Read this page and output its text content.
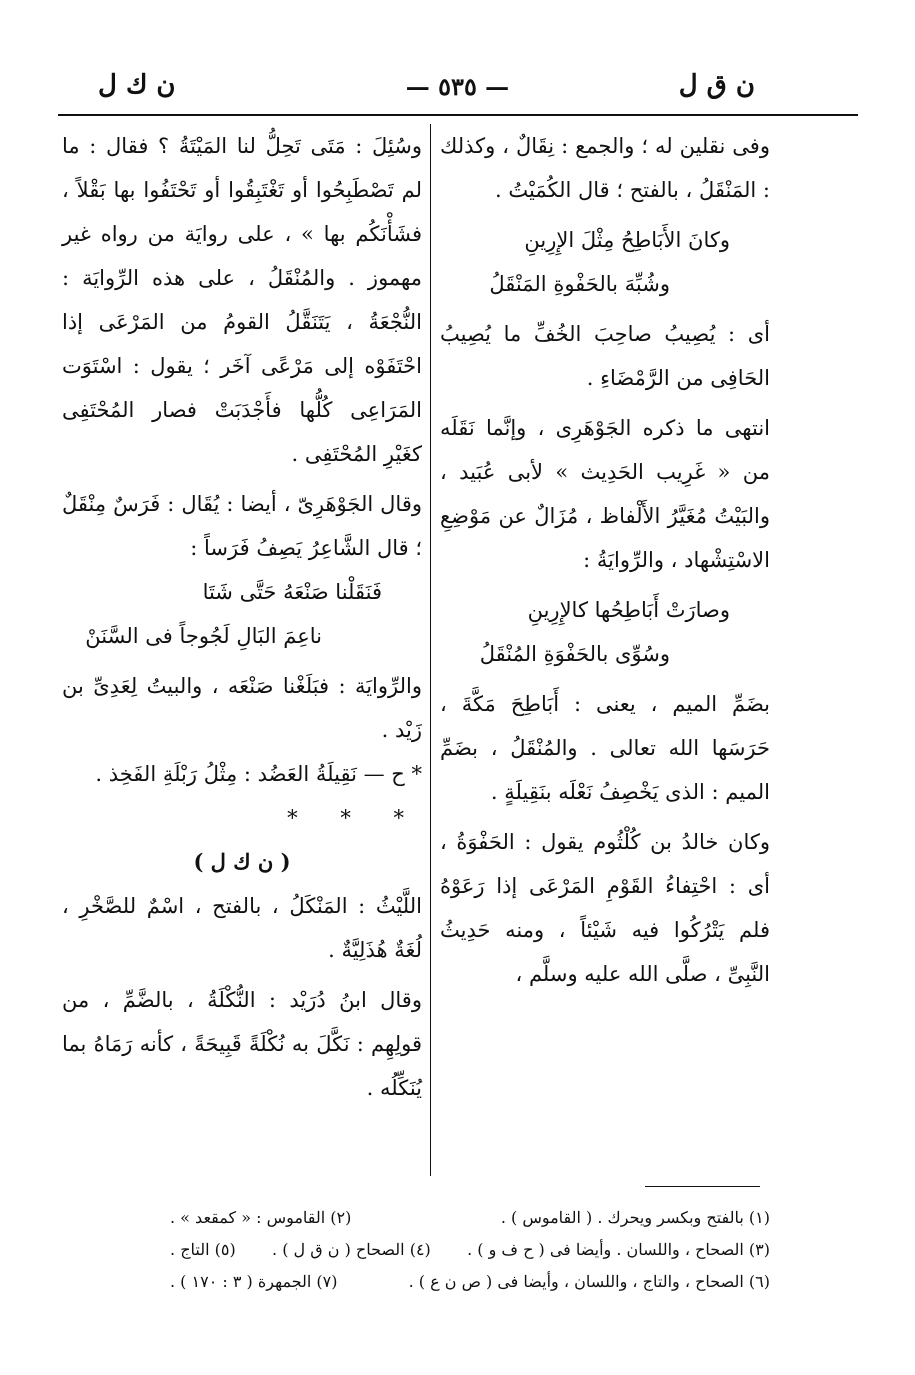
ن ق ل
— ٥٣٥ —
ن ك ل

وفى نقلين له ؛ والجمع : نِقَالٌ ، وكذلك : المَنْقَلُ ، بالفتح ؛ قال الكُمَيْتُ .

وكانَ الأَبَاطِحُ مِثْلَ الإِرِينِ

وشُبِّهَ بالحَفْوةِ المَنْقَلُ

أى : يُصِيبُ صاحِبَ الخُفِّ ما يُصِيبُ الحَافِى من الرَّمْضَاءِ .

انتهى ما ذكره الجَوْهَرِى ، وإنَّما نَقَلَه من « غَرِيب الحَدِيث » لأبى عُبَيد ، والبَيْتُ مُغَيَّرُ الأَلْفاظ ، مُزَالٌ عن مَوْضِعِ الاسْتِشْهاد ، والرِّوايَةُ :

وصارَتْ أَبَاطِحُها كالإِرِينِ

وسُوِّى بالحَفْوَةِ المُنْقَلُ

بضَمِّ الميم ، يعنى : أَبَاطِحَ مَكَّةَ ، حَرَسَها الله تعالى . والمُنْقَلُ ، بضَمِّ الميم : الذى يَخْصِفُ نَعْلَه بنَقِيلَةٍ .

وكان خالدُ بن كُلْثُوم يقول : الحَفْوَةُ ، أى : احْتِفاءُ القَوْمِ المَرْعَى إذا رَعَوْهُ فلم يَتْرُكُوا فيه شَيْئاً ، ومنه حَدِيثُ النَّبِىِّ ، صلَّى الله عليه وسلَّم ،

وسُئِلَ : مَتَى تَحِلُّ لنا المَيْتَةُ ؟ فقال : ما لم تَصْطَبِحُوا أو تَغْتَبِقُوا أو تَحْتَفُوا بها بَقْلاً ، فشَأْنَكُم بها » ، على روايَة من رواه غير مهموز . والمُنْقَلُ ، على هذه الرِّوايَة : النُّجْعَةُ ، يَتَنَقَّلُ القومُ من المَرْعَى إذا احْتَفَوْه إلى مَرْعًى آخَر ؛ يقول : اسْتَوَت المَرَاعِى كُلُّها فأَجْدَبَتْ فصار المُحْتَفِى كغَيْرِ المُحْتَفِى .

وقال الجَوْهَرِىّ ، أيضا : يُقَال : فَرَسٌ مِنْقَلٌ ؛ قال الشَّاعِرُ يَصِفُ فَرَساً :

فَنَقَلْنا صَنْعَهُ حَتَّى شَتَا

ناعِمَ البَالِ لَجُوجاً فى السَّنَنْ

والرِّوايَة : فبَلَغْنا صَنْعَه ، والبيتُ لِعَدِىِّ بن زَيْد .

* ح — نَقِيلَةُ العَضُد : مِثْلُ رَبْلَةِ الفَخِذ .

* * *

( ن ك ل )

اللَّيْثُ : المَنْكَلُ ، بالفتح ، اسْمٌ للصَّخْرِ ، لُغَةٌ هُذَلِيَّةٌ .

وقال ابنُ دُرَيْد : النُّكْلَةُ ، بالضَّمِّ ، من قولِهِم : نَكَّلَ به نُكْلَةً قَبِيحَةً ، كأنه رَمَاهُ بما يُنَكِّلُه .

(١) بالفتح وبكسر ويحرك . ( القاموس ) .
(٢) القاموس : « كمقعد » .
(٣) الصحاح ، واللسان . وأيضا فى ( ح ف و ) .
(٤) الصحاح ( ن ق ل ) .
(٥) التاج .
(٦) الصحاح ، والتاج ، واللسان ، وأيضا فى ( ص ن ع ) .
(٧) الجمهرة ( ٣ : ١٧٠ ) .
